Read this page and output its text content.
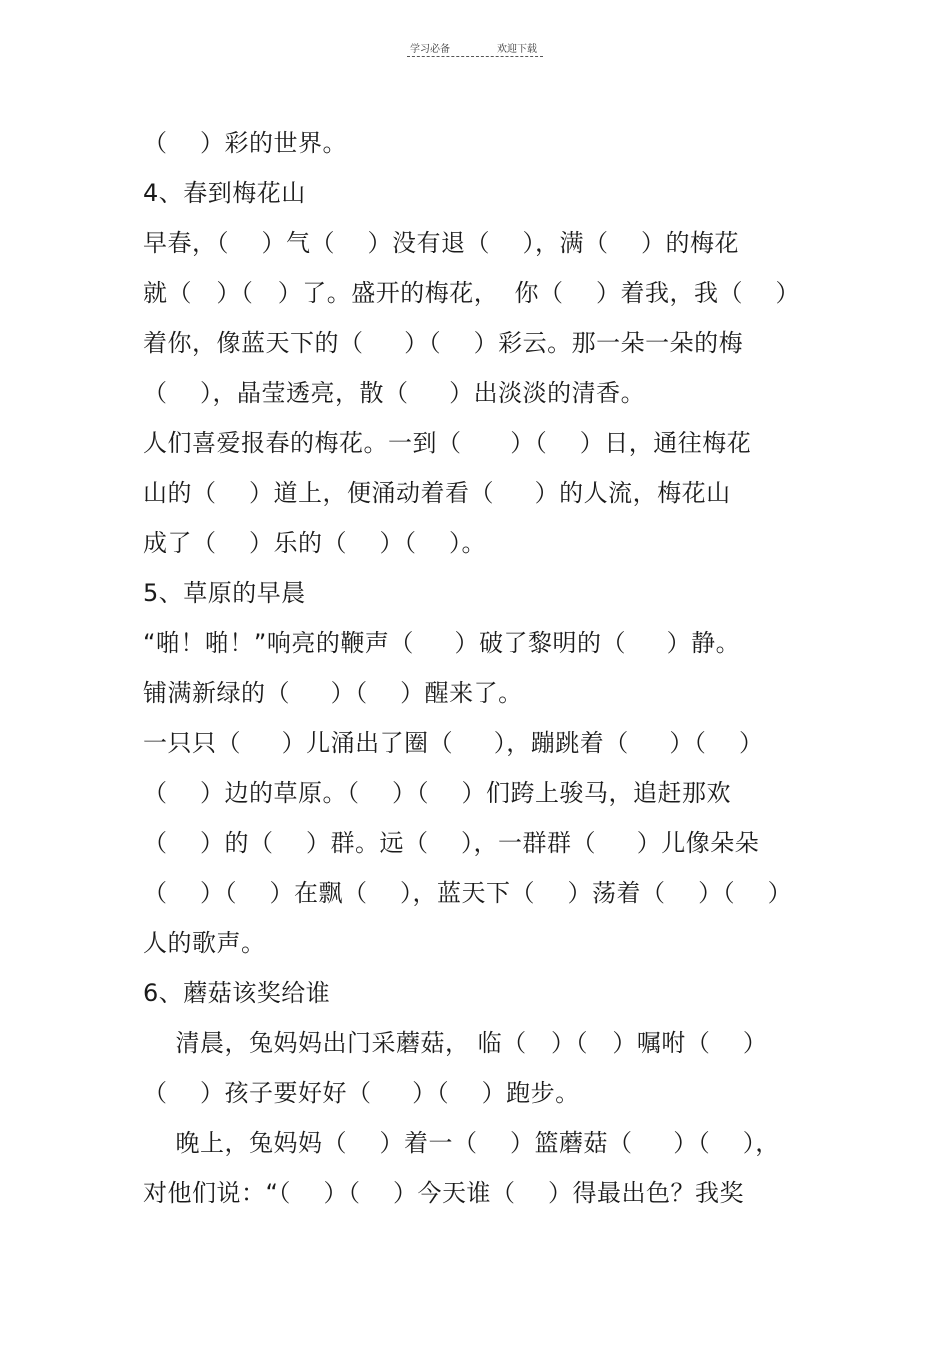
学习必备	欢迎下载
（    ）彩的世界。
4、春到梅花山
早春，（    ）气（    ）没有退（    ），满（    ）的梅花
就（   ）（   ）了。盛开的梅花，  你（    ）着我，我（    ）
着你，像蓝天下的（     ）（    ）彩云。那一朵一朵的梅
（    ），晶莹透亮，散（     ）出淡淡的清香。
人们喜爱报春的梅花。一到（      ）（    ）日，通往梅花
山的（    ）道上，便涌动着看（     ）的人流，梅花山
成了（    ）乐的（    ）（    ）。
5、草原的早晨
“啪！啪！”响亮的鞭声（     ）破了黎明的（     ）静。
铺满新绿的（     ）（    ）醒来了。
一只只（     ）儿涌出了圈（     ），蹦跳着（     ）（    ）
（    ）边的草原。（    ）（    ）们跨上骏马，追赶那欢
（    ）的（    ）群。远（    ），一群群（     ）儿像朵朵
（    ）（    ）在飘（    ），蓝天下（    ）荡着（    ）（    ）
人的歌声。
6、蘑菇该奖给谁
清晨，兔妈妈出门采蘑菇， 临（   ）（   ）嘱咐（    ）
（    ）孩子要好好（     ）（    ）跑步。
晚上，兔妈妈（    ）着一（    ）篮蘑菇（     ）（    ），
对他们说：“（    ）（    ）今天谁（    ）得最出色？我奖
